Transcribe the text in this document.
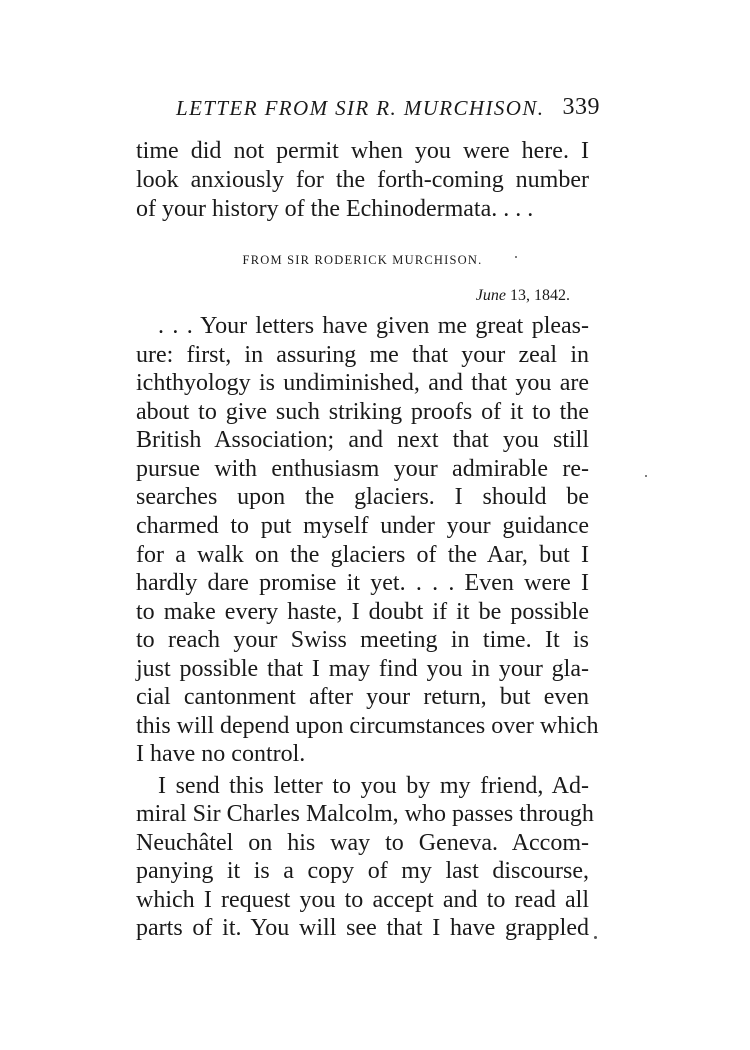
LETTER FROM SIR R. MURCHISON. 339
time did not permit when you were here. I
look anxiously for the forth-coming number
of your history of the Echinodermata. . . .
FROM SIR RODERICK MURCHISON.
June 13, 1842.
. . . Your letters have given me great pleas-
ure: first, in assuring me that your zeal in
ichthyology is undiminished, and that you are
about to give such striking proofs of it to the
British Association; and next that you still
pursue with enthusiasm your admirable re-
searches upon the glaciers. I should be
charmed to put myself under your guidance
for a walk on the glaciers of the Aar, but I
hardly dare promise it yet. . . . Even were I
to make every haste, I doubt if it be possible
to reach your Swiss meeting in time. It is
just possible that I may find you in your gla-
cial cantonment after your return, but even
this will depend upon circumstances over which
I have no control.
I send this letter to you by my friend, Ad-
miral Sir Charles Malcolm, who passes through
Neuchâtel on his way to Geneva. Accom-
panying it is a copy of my last discourse,
which I request you to accept and to read all
parts of it. You will see that I have grappled
